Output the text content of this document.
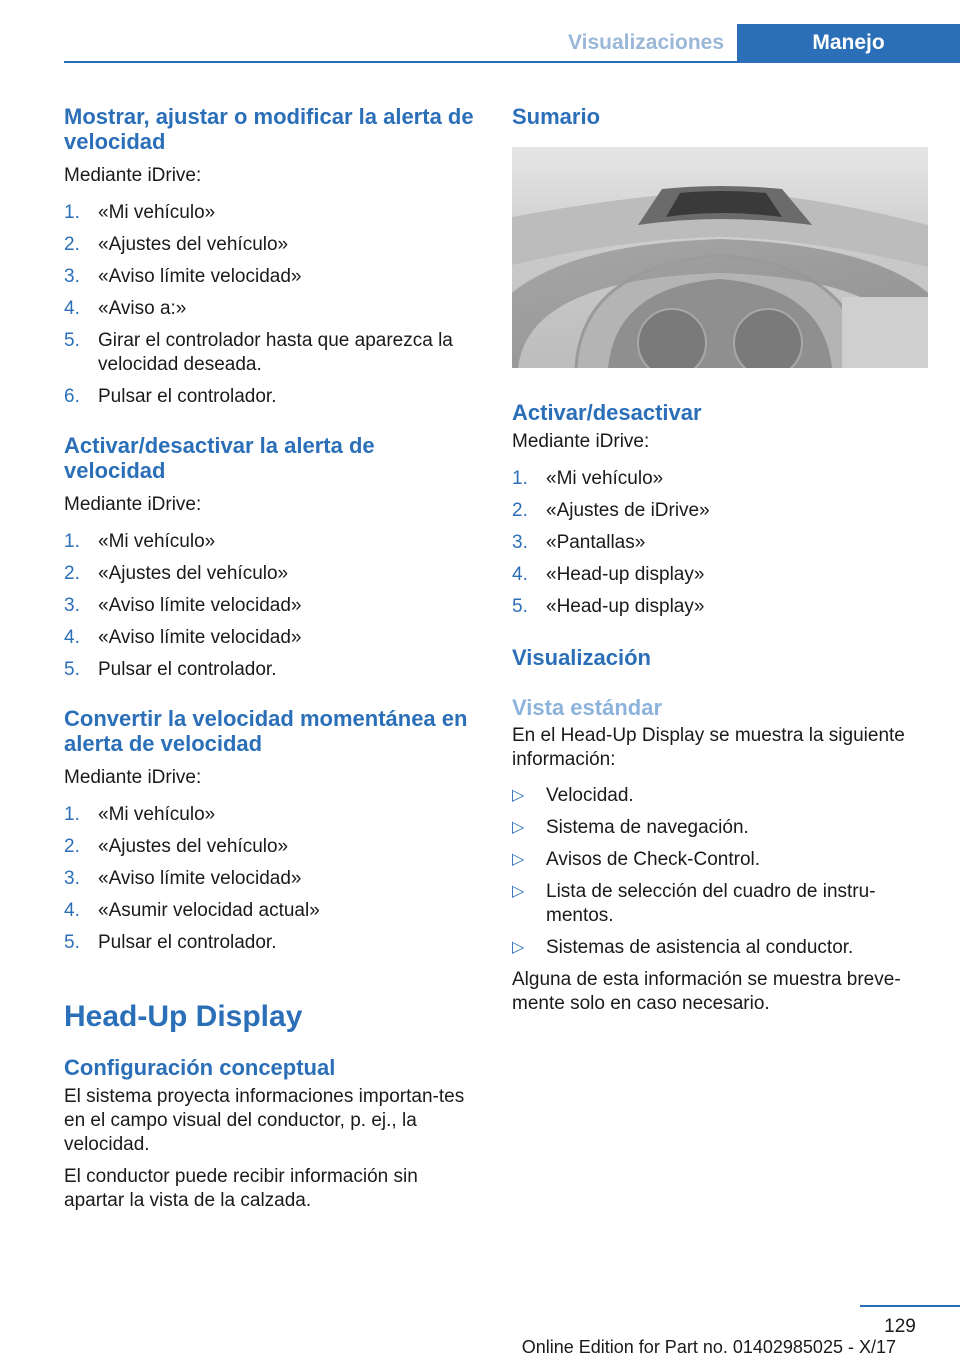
Visualizaciones	Manejo
Mostrar, ajustar o modificar la alerta de velocidad

Mediante iDrive:

1. «Mi vehículo»
2. «Ajustes del vehículo»
3. «Aviso límite velocidad»
4. «Aviso a:»
5. Girar el controlador hasta que aparezca la velocidad deseada.
6. Pulsar el controlador.
Activar/desactivar la alerta de velocidad

Mediante iDrive:

1. «Mi vehículo»
2. «Ajustes del vehículo»
3. «Aviso límite velocidad»
4. «Aviso límite velocidad»
5. Pulsar el controlador.
Convertir la velocidad momentánea en alerta de velocidad

Mediante iDrive:

1. «Mi vehículo»
2. «Ajustes del vehículo»
3. «Aviso límite velocidad»
4. «Asumir velocidad actual»
5. Pulsar el controlador.
Head-Up Display
Configuración conceptual

El sistema proyecta informaciones importan‐tes en el campo visual del conductor, p. ej., la velocidad.

El conductor puede recibir información sin apartar la vista de la calzada.

Sumario
Activar/desactivar

Mediante iDrive:

1. «Mi vehículo»
2. «Ajustes de iDrive»
3. «Pantallas»
4. «Head-up display»
5. «Head-up display»
Visualización
Vista estándar

En el Head-Up Display se muestra la siguiente información:

▷ Velocidad.
▷ Sistema de navegación.
▷ Avisos de Check-Control.
▷ Lista de selección del cuadro de instru‐mentos.
▷ Sistemas de asistencia al conductor.

Alguna de esta información se muestra breve‐mente solo en caso necesario.

129
Online Edition for Part no. 01402985025 - X/17
